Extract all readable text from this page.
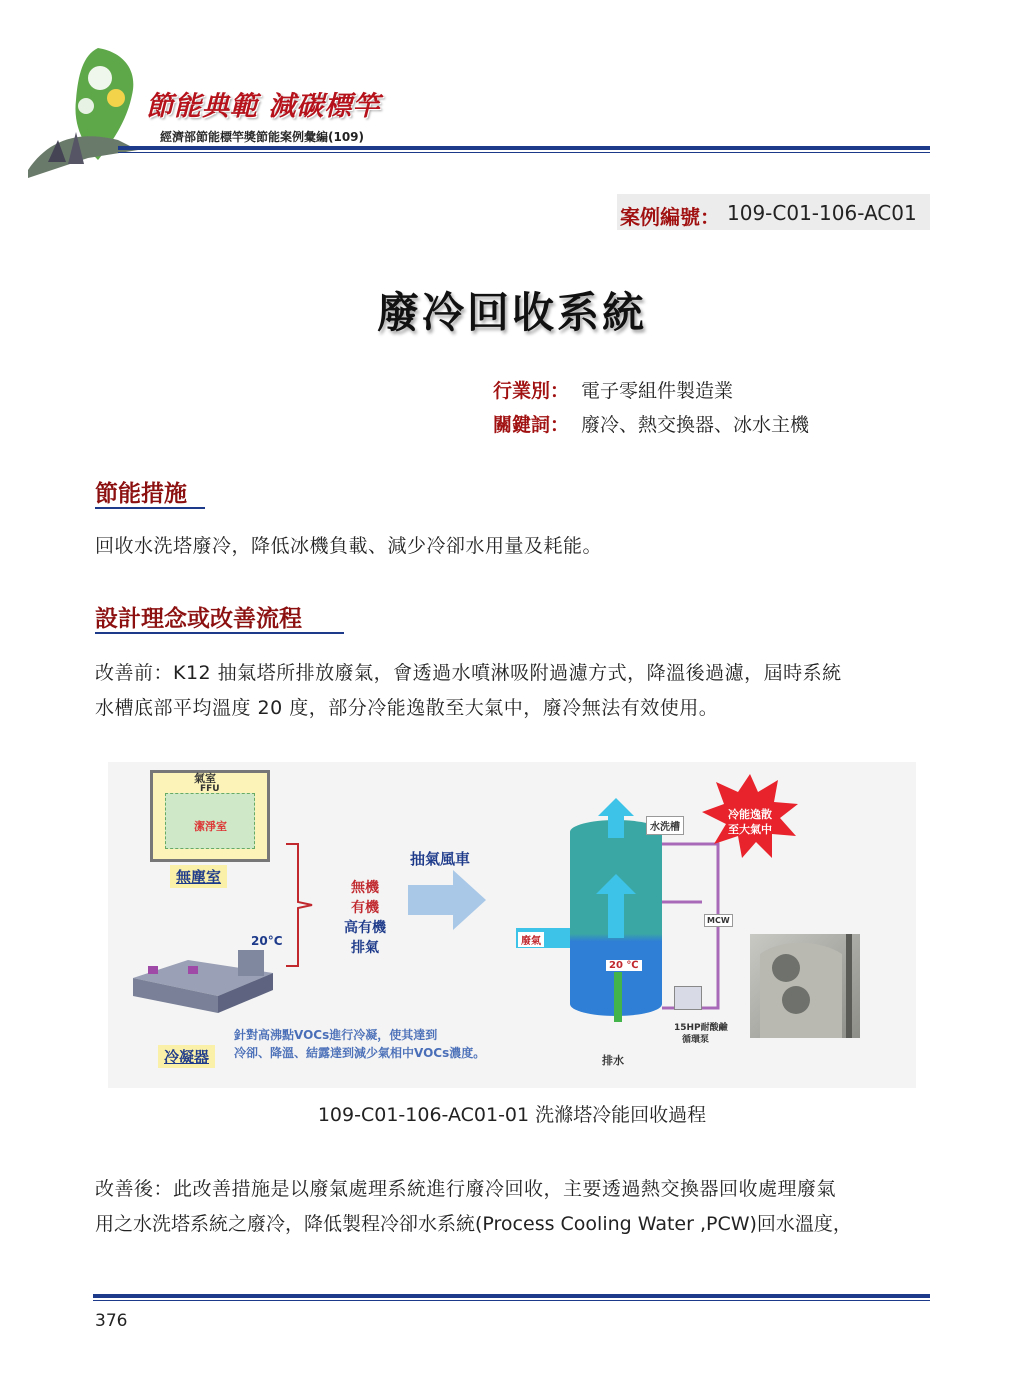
節能典範 減碳標竿
經濟部節能標竿獎節能案例彙編(109)
案例編號： 109-C01-106-AC01
廢冷回收系統
行業別： 電子零組件製造業
關鍵詞： 廢冷、熱交換器、冰水主機
節能措施
回收水洗塔廢冷，降低冰機負載、減少冷卻水用量及耗能。
設計理念或改善流程
改善前：K12 抽氣塔所排放廢氣，會透過水噴淋吸附過濾方式，降溫後過濾，屆時系統
水槽底部平均溫度 20 度，部分冷能逸散至大氣中，廢冷無法有效使用。
氣室
FFU
潔淨室
無塵室
20°C
冷凝器
無機
有機
高有機
排氣
抽氣風車
針對高沸點VOCs進行冷凝，使其達到
冷卻、降溫、結露達到減少氣相中VOCs濃度。
廢氣
20 ℃
排水
水洗槽
MCW
冷能逸散
至大氣中
15HP耐酸鹼
循環泵
109-C01-106-AC01-01 洗滌塔冷能回收過程
改善後：此改善措施是以廢氣處理系統進行廢冷回收，主要透過熱交換器回收處理廢氣
用之水洗塔系統之廢冷，降低製程冷卻水系統(Process Cooling Water ,PCW)回水溫度，
376
